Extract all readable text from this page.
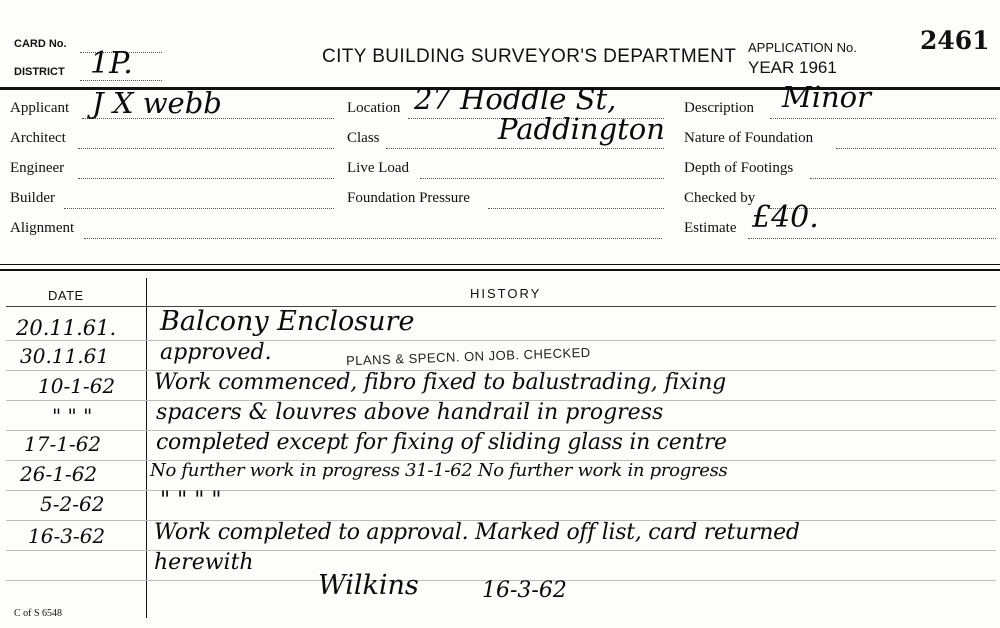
CARD No.
DISTRICT 1P.	CITY BUILDING SURVEYOR'S DEPARTMENT APPLICATION No.	2461
YEAR 1961
Applicant J X webb
Architect
Engineer
Builder
Alignment
Location 27 Hoddle St,
Class	Paddington
Live Load
Foundation Pressure
Description Minor
Nature of Foundation
Depth of Footings
Checked by
Estimate £40.
DATE	HISTORY
PLANS & SPECN. ON JOB. CHECKED
20.11.61. Balcony Enclosure
30.11.61 approved.
10-1-62 Work commenced, fibro fixed to balustrading, fixing
" " "	spacers & louvres above handrail in progress
17-1-62 completed except for fixing of sliding glass in centre
26-1-62	No further work in progress 31-1-62 No further work in progress
5-2-62	" " " "
16-3-62 Work completed to approval. Marked off list, card returned
herewith
Wilkins	16-3-62
C of S 6548
